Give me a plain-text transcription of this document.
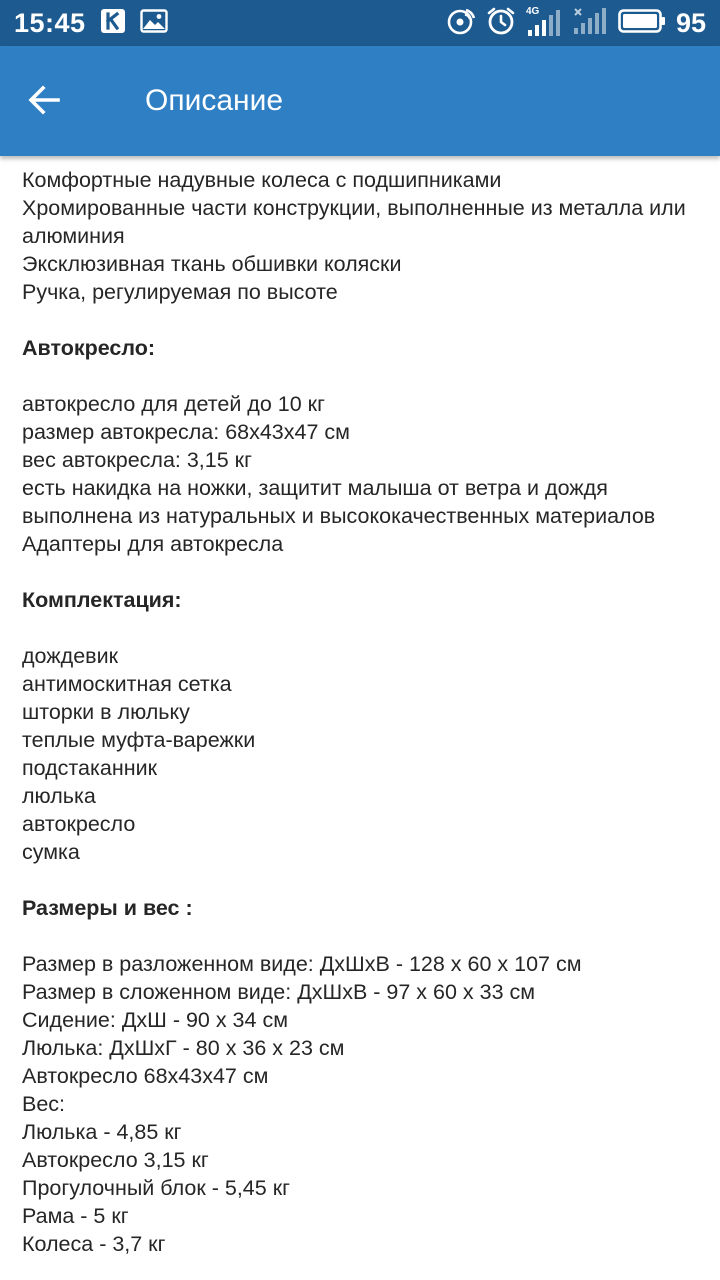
15:45	4G	95
Описание
Комфортные надувные колеса с подшипниками
Хромированные части конструкции, выполненные из металла или
алюминия
Эксклюзивная ткань обшивки коляски
Ручка, регулируемая по высоте
Автокресло:
автокресло для детей до 10 кг
размер автокресла: 68х43х47 см
вес автокресла: 3,15 кг
есть накидка на ножки, защитит малыша от ветра и дождя
выполнена из натуральных и высококачественных материалов
Адаптеры для автокресла
Комплектация:
дождевик
антимоскитная сетка
шторки в люльку
теплые муфта-варежки
подстаканник
люлька
автокресло
сумка
Размеры и вес :
Размер в разложенном виде: ДхШхВ - 128 х 60 х 107 см
Размер в сложенном виде: ДхШхВ - 97 х 60 х 33 см
Сидение: ДхШ - 90 х 34 см
Люлька: ДхШхГ - 80 х 36 х 23 см
Автокресло 68х43х47 см
Вес:
Люлька - 4,85 кг
Автокресло 3,15 кг
Прогулочный блок - 5,45 кг
Рама - 5 кг
Колеса - 3,7 кг
